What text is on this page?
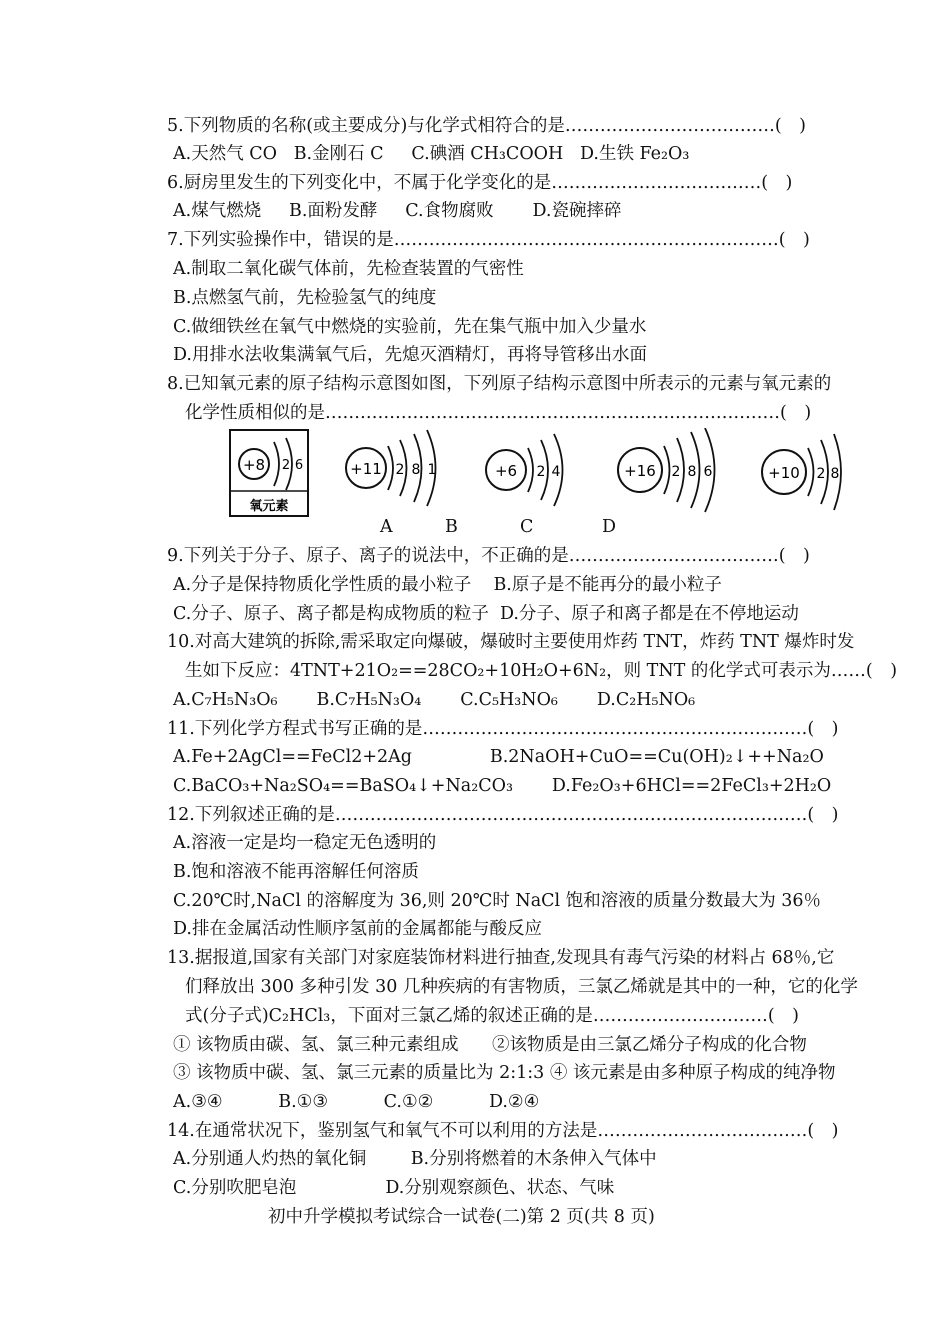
5.下列物质的名称(或主要成分)与化学式相符合的是………………………………(　)
A.天然气 CO   B.金刚石 C     C.碘酒 CH₃COOH   D.生铁 Fe₂O₃
6.厨房里发生的下列变化中，不属于化学变化的是………………………………(　)
A.煤气燃烧     B.面粉发酵     C.食物腐败       D.瓷碗摔碎
7.下列实验操作中，错误的是…………………………………………………………(　)
A.制取二氧化碳气体前，先检查装置的气密性
B.点燃氢气前，先检验氢气的纯度
C.做细铁丝在氧气中燃烧的实验前，先在集气瓶中加入少量水
D.用排水法收集满氧气后，先熄灭酒精灯，再将导管移出水面
8.已知氧元素的原子结构示意图如图，下列原子结构示意图中所表示的元素与氧元素的
化学性质相似的是……………………………………………………………………(　)
+8 2 6
氧元素
+11 2 8 1	+6 2 4	+16 2 8 6	+10 2 8
A	B	C	D
9.下列关于分子、原子、离子的说法中，不正确的是………………………………(　)
A.分子是保持物质化学性质的最小粒子    B.原子是不能再分的最小粒子
C.分子、原子、离子都是构成物质的粒子  D.分子、原子和离子都是在不停地运动
10.对高大建筑的拆除,需采取定向爆破，爆破时主要使用炸药 TNT，炸药 TNT 爆炸时发
生如下反应：4TNT+21O₂==28CO₂+10H₂O+6N₂，则 TNT 的化学式可表示为……(　)
A.C₇H₅N₃O₆       B.C₇H₅N₃O₄       C.C₅H₃NO₆       D.C₂H₅NO₆
11.下列化学方程式书写正确的是…………………………………………………………(　)
A.Fe+2AgCl==FeCl2+2Ag              B.2NaOH+CuO==Cu(OH)₂↓++Na₂O
C.BaCO₃+Na₂SO₄==BaSO₄↓+Na₂CO₃       D.Fe₂O₃+6HCl==2FeCl₃+2H₂O
12.下列叙述正确的是………………………………………………………………………(　)
A.溶液一定是均一稳定无色透明的
B.饱和溶液不能再溶解任何溶质
C.20℃时,NaCl 的溶解度为 36,则 20℃时 NaCl 饱和溶液的质量分数最大为 36％
D.排在金属活动性顺序氢前的金属都能与酸反应
13.据报道,国家有关部门对家庭装饰材料进行抽查,发现具有毒气污染的材料占 68％,它
们释放出 300 多种引发 30 几种疾病的有害物质，三氯乙烯就是其中的一种，它的化学
式(分子式)C₂HCl₃，下面对三氯乙烯的叙述正确的是…………………………(　)
① 该物质由碳、氢、氯三种元素组成      ②该物质是由三氯乙烯分子构成的化合物
③ 该物质中碳、氢、氯三元素的质量比为 2:1:3 ④ 该元素是由多种原子构成的纯净物
A.③④          B.①③          C.①②          D.②④
14.在通常状况下，鉴别氢气和氧气不可以利用的方法是………………………………(　)
A.分别通人灼热的氧化铜        B.分别将燃着的木条伸入气体中
C.分别吹肥皂泡                D.分别观察颜色、状态、气味
初中升学模拟考试综合一试卷(二)第 2 页(共 8 页)
